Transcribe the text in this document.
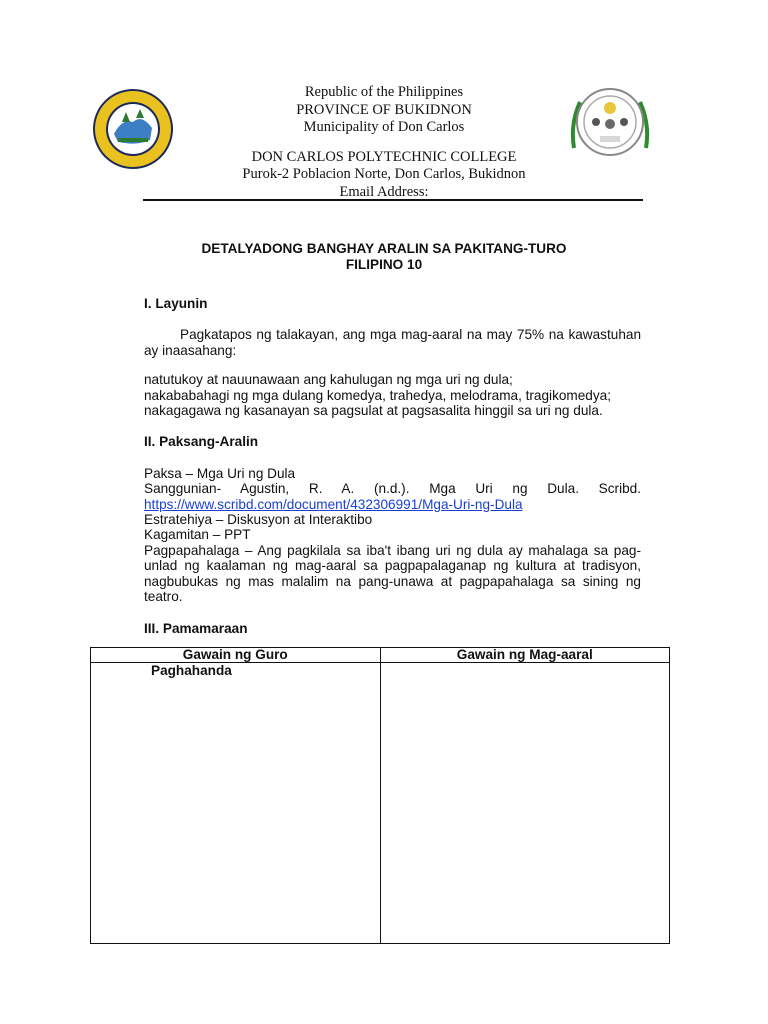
Republic of the Philippines
PROVINCE OF BUKIDNON
Municipality of Don Carlos
DON CARLOS POLYTECHNIC COLLEGE
Purok-2 Poblacion Norte, Don Carlos, Bukidnon
Email Address:
DETALYADONG BANGHAY ARALIN SA PAKITANG-TURO
FILIPINO 10

I. Layunin

Pagkatapos ng talakayan, ang mga mag-aaral na may 75% na kawastuhan ay inaasahang:

natutukoy at nauunawaan ang kahulugan ng mga uri ng dula;

nakababahagi ng mga dulang komedya, trahedya, melodrama, tragikomedya;

nakagagawa ng kasanayan sa pagsulat at pagsasalita hinggil sa uri ng dula.

II. Paksang-Aralin

Paksa – Mga Uri ng Dula

Sanggunian- Agustin, R. A. (n.d.). Mga Uri ng Dula. Scribd.

https://www.scribd.com/document/432306991/Mga-Uri-ng-Dula

Estratehiya – Diskusyon at Interaktibo

Kagamitan – PPT

Pagpapahalaga – Ang pagkilala sa iba't ibang uri ng dula ay mahalaga sa pag-unlad ng kaalaman ng mag-aaral sa pagpapalaganap ng kultura at tradisyon, nagbubukas ng mas malalim na pang-unawa at pagpapahalaga sa sining ng teatro.

III. Pamamaraan

Gawain ng Guro	Gawain ng Mag-aaral

Paghahanda	
